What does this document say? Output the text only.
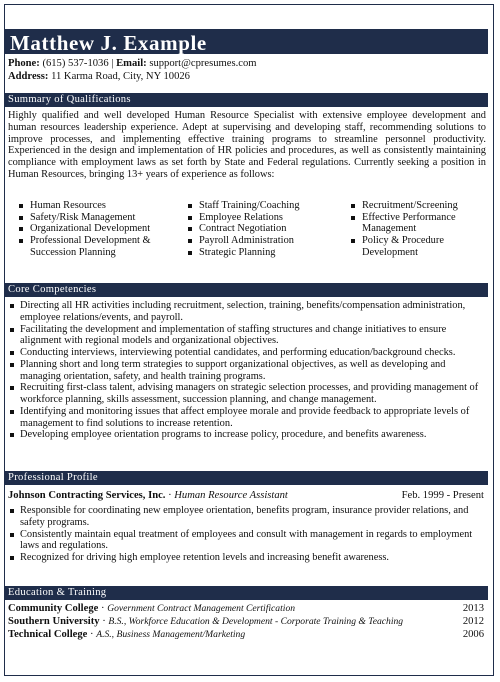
Matthew J. Example
Phone: (615) 537-1036 | Email: support@cpresumes.com
Address: 11 Karma Road, City, NY 10026
Summary of Qualifications
Highly qualified and well developed Human Resource Specialist with extensive employee development and human resources leadership experience. Adept at supervising and developing staff, recommending solutions to improve processes, and implementing effective training programs to streamline personnel productivity. Experienced in the design and implementation of HR policies and procedures, as well as consistently maintaining compliance with employment laws as set forth by State and Federal regulations. Currently seeking a position in Human Resources, bringing 13+ years of experience as follows:
Human Resources
Safety/Risk Management
Organizational Development
Professional Development & Succession Planning
Staff Training/Coaching
Employee Relations
Contract Negotiation
Payroll Administration
Strategic Planning
Recruitment/Screening
Effective Performance Management
Policy & Procedure Development
Core Competencies
Directing all HR activities including recruitment, selection, training, benefits/compensation administration, employee relations/events, and payroll.
Facilitating the development and implementation of staffing structures and change initiatives to ensure alignment with regional models and organizational objectives.
Conducting interviews, interviewing potential candidates, and performing education/background checks.
Planning short and long term strategies to support organizational objectives, as well as developing and managing orientation, safety, and health training programs.
Recruiting first-class talent, advising managers on strategic selection processes, and providing management of workforce planning, skills assessment, succession planning, and change management.
Identifying and monitoring issues that affect employee morale and provide feedback to appropriate levels of management to find solutions to increase retention.
Developing employee orientation programs to increase policy, procedure, and benefits awareness.
Professional Profile
Johnson Contracting Services, Inc. · Human Resource Assistant	Feb. 1999 - Present
Responsible for coordinating new employee orientation, benefits program, insurance provider relations, and safety programs.
Consistently maintain equal treatment of employees and consult with management in regards to employment laws and regulations.
Recognized for driving high employee retention levels and increasing benefit awareness.
Education & Training
Community College · Government Contract Management Certification	2013
Southern University · B.S., Workforce Education & Development - Corporate Training & Teaching	2012
Technical College · A.S., Business Management/Marketing	2006
